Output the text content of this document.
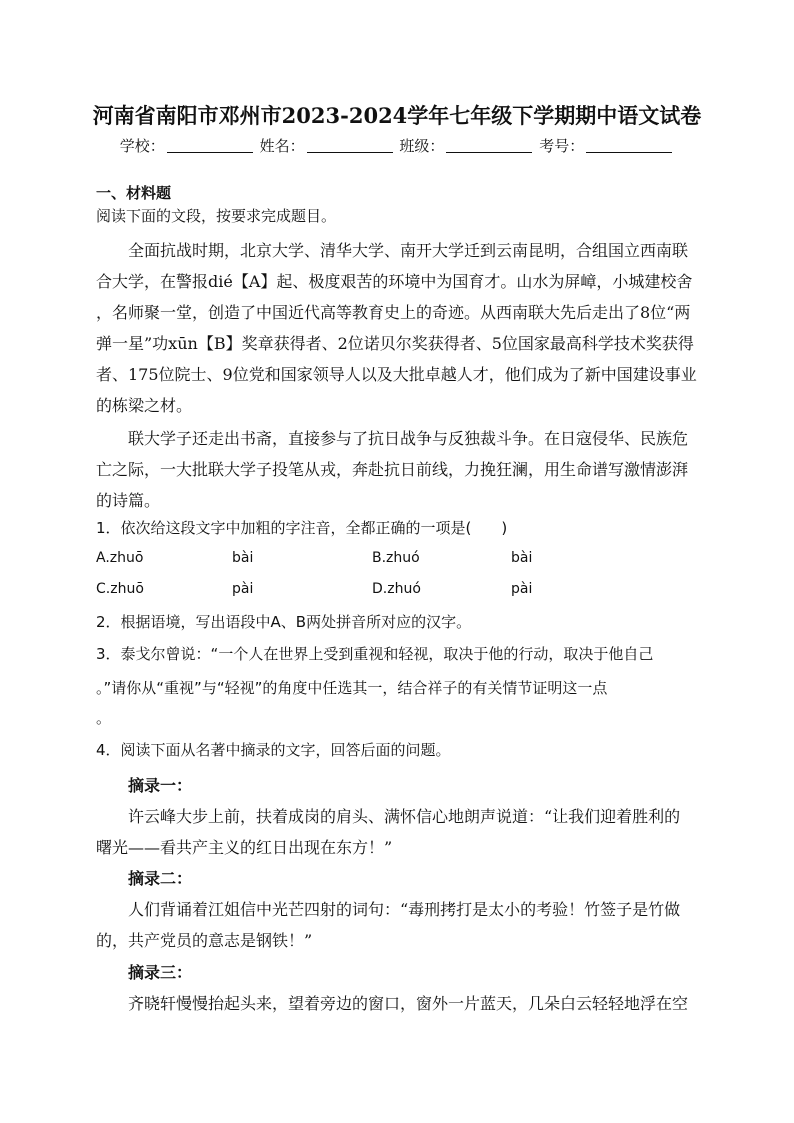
河南省南阳市邓州市2023-2024学年七年级下学期期中语文试卷
学校：	姓名：	班级：	考号：
一、材料题
阅读下面的文段，按要求完成题目。
全面抗战时期，北京大学、清华大学、南开大学迁到云南昆明，合组国立西南联
合大学，在警报dié【A】起、极度艰苦的环境中为国育才。山水为屏嶂，小城建校舍
，名师聚一堂，创造了中国近代高等教育史上的奇迹。从西南联大先后走出了8位“两
弹一星”功xūn【B】奖章获得者、2位诺贝尔奖获得者、5位国家最高科学技术奖获得
者、175位院士、9位党和国家领导人以及大批卓越人才，他们成为了新中国建设事业
的栋梁之材。
联大学子还走出书斋，直接参与了抗日战争与反独裁斗争。在日寇侵华、民族危
亡之际，一大批联大学子投笔从戎，奔赴抗日前线，力挽狂澜，用生命谱写激情澎湃
的诗篇。
1．依次给这段文字中加粗的字注音，全都正确的一项是(　　)
A.zhuō	bài	B.zhuó	bài
C.zhuō	pài	D.zhuó	pài
2．根据语境，写出语段中A、B两处拼音所对应的汉字。
3．泰戈尔曾说：“一个人在世界上受到重视和轻视，取决于他的行动，取决于他自己
。”请你从“重视”与“轻视”的角度中任选其一，结合祥子的有关情节证明这一点
。
4．阅读下面从名著中摘录的文字，回答后面的问题。
摘录一：
许云峰大步上前，扶着成岗的肩头、满怀信心地朗声说道：“让我们迎着胜利的
曙光——看共产主义的红日出现在东方！”
摘录二：
人们背诵着江姐信中光芒四射的词句：“毒刑拷打是太小的考验！竹签子是竹做
的，共产党员的意志是钢铁！”
摘录三：
齐晓轩慢慢抬起头来，望着旁边的窗口，窗外一片蓝天，几朵白云轻轻地浮在空
